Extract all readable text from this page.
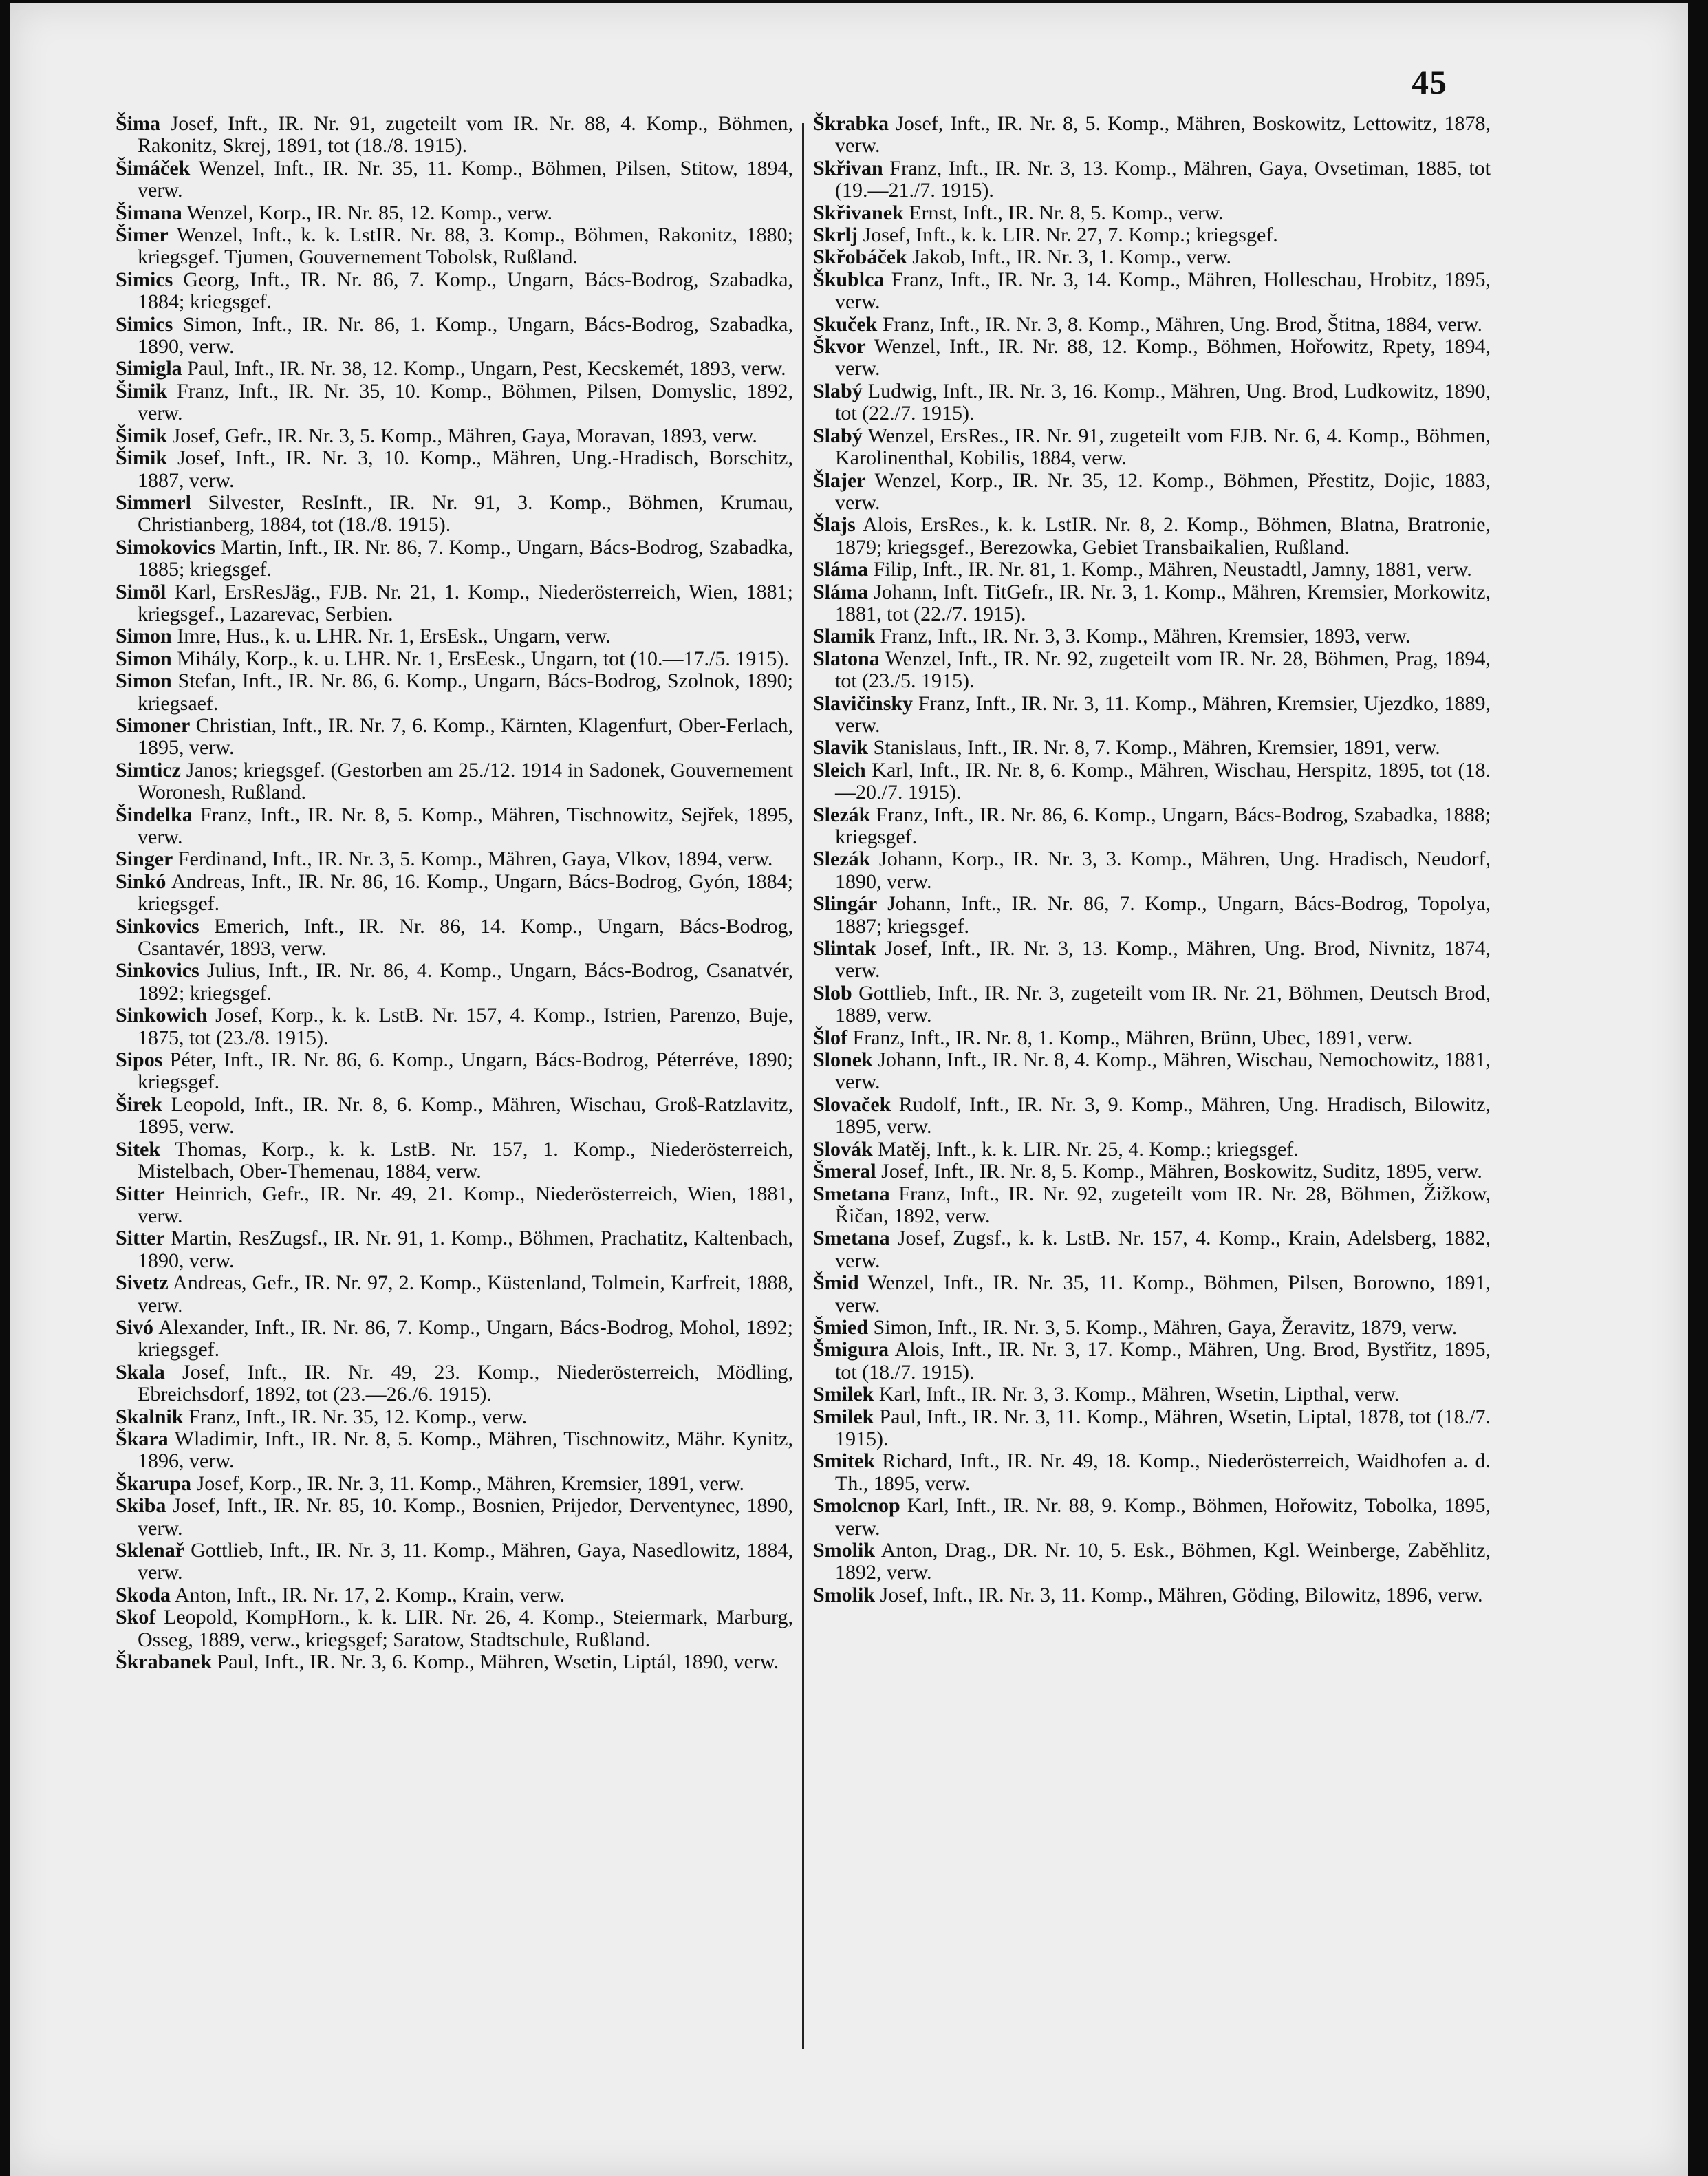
45

Šima Josef, Inft., IR. Nr. 91, zugeteilt vom IR. Nr. 88, 4. Komp., Böhmen, Rakonitz, Skrej, 1891, tot (18./8. 1915).

Šimáček Wenzel, Inft., IR. Nr. 35, 11. Komp., Böhmen, Pilsen, Stitow, 1894, verw.

Šimana Wenzel, Korp., IR. Nr. 85, 12. Komp., verw.

Šimer Wenzel, Inft., k. k. LstIR. Nr. 88, 3. Komp., Böhmen, Rakonitz, 1880; kriegsgef. Tjumen, Gouvernement Tobolsk, Rußland.

Simics Georg, Inft., IR. Nr. 86, 7. Komp., Ungarn, Bács-Bodrog, Szabadka, 1884; kriegsgef.

Simics Simon, Inft., IR. Nr. 86, 1. Komp., Ungarn, Bács-Bodrog, Szabadka, 1890, verw.

Simigla Paul, Inft., IR. Nr. 38, 12. Komp., Ungarn, Pest, Kecskemét, 1893, verw.

Šimik Franz, Inft., IR. Nr. 35, 10. Komp., Böhmen, Pilsen, Domyslic, 1892, verw.

Šimik Josef, Gefr., IR. Nr. 3, 5. Komp., Mähren, Gaya, Moravan, 1893, verw.

Šimik Josef, Inft., IR. Nr. 3, 10. Komp., Mähren, Ung.-Hradisch, Borschitz, 1887, verw.

Simmerl Silvester, ResInft., IR. Nr. 91, 3. Komp., Böhmen, Krumau, Christianberg, 1884, tot (18./8. 1915).

Simokovics Martin, Inft., IR. Nr. 86, 7. Komp., Ungarn, Bács-Bodrog, Szabadka, 1885; kriegsgef.

Simöl Karl, ErsResJäg., FJB. Nr. 21, 1. Komp., Niederösterreich, Wien, 1881; kriegsgef., Lazarevac, Serbien.

Simon Imre, Hus., k. u. LHR. Nr. 1, ErsEsk., Ungarn, verw.

Simon Mihály, Korp., k. u. LHR. Nr. 1, ErsEesk., Ungarn, tot (10.—17./5. 1915).

Simon Stefan, Inft., IR. Nr. 86, 6. Komp., Ungarn, Bács-Bodrog, Szolnok, 1890; kriegsaef.

Simoner Christian, Inft., IR. Nr. 7, 6. Komp., Kärnten, Klagenfurt, Ober-Ferlach, 1895, verw.

Simticz Janos; kriegsgef. (Gestorben am 25./12. 1914 in Sadonek, Gouvernement Woronesh, Rußland.

Šindelka Franz, Inft., IR. Nr. 8, 5. Komp., Mähren, Tischnowitz, Sejřek, 1895, verw.

Singer Ferdinand, Inft., IR. Nr. 3, 5. Komp., Mähren, Gaya, Vlkov, 1894, verw.

Sinkó Andreas, Inft., IR. Nr. 86, 16. Komp., Ungarn, Bács-Bodrog, Gyón, 1884; kriegsgef.

Sinkovics Emerich, Inft., IR. Nr. 86, 14. Komp., Ungarn, Bács-Bodrog, Csantavér, 1893, verw.

Sinkovics Julius, Inft., IR. Nr. 86, 4. Komp., Ungarn, Bács-Bodrog, Csanatvér, 1892; kriegsgef.

Sinkowich Josef, Korp., k. k. LstB. Nr. 157, 4. Komp., Istrien, Parenzo, Buje, 1875, tot (23./8. 1915).

Sipos Péter, Inft., IR. Nr. 86, 6. Komp., Ungarn, Bács-Bodrog, Péterréve, 1890; kriegsgef.

Širek Leopold, Inft., IR. Nr. 8, 6. Komp., Mähren, Wischau, Groß-Ratzlavitz, 1895, verw.

Sitek Thomas, Korp., k. k. LstB. Nr. 157, 1. Komp., Niederösterreich, Mistelbach, Ober-Themenau, 1884, verw.

Sitter Heinrich, Gefr., IR. Nr. 49, 21. Komp., Niederösterreich, Wien, 1881, verw.

Sitter Martin, ResZugsf., IR. Nr. 91, 1. Komp., Böhmen, Prachatitz, Kaltenbach, 1890, verw.

Sivetz Andreas, Gefr., IR. Nr. 97, 2. Komp., Küstenland, Tolmein, Karfreit, 1888, verw.

Sivó Alexander, Inft., IR. Nr. 86, 7. Komp., Ungarn, Bács-Bodrog, Mohol, 1892; kriegsgef.

Skala Josef, Inft., IR. Nr. 49, 23. Komp., Niederösterreich, Mödling, Ebreichsdorf, 1892, tot (23.—26./6. 1915).

Skalnik Franz, Inft., IR. Nr. 35, 12. Komp., verw.

Škara Wladimir, Inft., IR. Nr. 8, 5. Komp., Mähren, Tischnowitz, Mähr. Kynitz, 1896, verw.

Škarupa Josef, Korp., IR. Nr. 3, 11. Komp., Mähren, Kremsier, 1891, verw.

Skiba Josef, Inft., IR. Nr. 85, 10. Komp., Bosnien, Prijedor, Derventynec, 1890, verw.

Sklenař Gottlieb, Inft., IR. Nr. 3, 11. Komp., Mähren, Gaya, Nasedlowitz, 1884, verw.

Skoda Anton, Inft., IR. Nr. 17, 2. Komp., Krain, verw.

Skof Leopold, KompHorn., k. k. LIR. Nr. 26, 4. Komp., Steiermark, Marburg, Osseg, 1889, verw., kriegsgef; Saratow, Stadtschule, Rußland.

Škrabanek Paul, Inft., IR. Nr. 3, 6. Komp., Mähren, Wsetin, Liptál, 1890, verw.

Škrabka Josef, Inft., IR. Nr. 8, 5. Komp., Mähren, Boskowitz, Lettowitz, 1878, verw.

Skřivan Franz, Inft., IR. Nr. 3, 13. Komp., Mähren, Gaya, Ovsetiman, 1885, tot (19.—21./7. 1915).

Skřivanek Ernst, Inft., IR. Nr. 8, 5. Komp., verw.

Skrlj Josef, Inft., k. k. LIR. Nr. 27, 7. Komp.; kriegsgef.

Skřobáček Jakob, Inft., IR. Nr. 3, 1. Komp., verw.

Škublca Franz, Inft., IR. Nr. 3, 14. Komp., Mähren, Holleschau, Hrobitz, 1895, verw.

Skuček Franz, Inft., IR. Nr. 3, 8. Komp., Mähren, Ung. Brod, Štitna, 1884, verw.

Škvor Wenzel, Inft., IR. Nr. 88, 12. Komp., Böhmen, Hořowitz, Rpety, 1894, verw.

Slabý Ludwig, Inft., IR. Nr. 3, 16. Komp., Mähren, Ung. Brod, Ludkowitz, 1890, tot (22./7. 1915).

Slabý Wenzel, ErsRes., IR. Nr. 91, zugeteilt vom FJB. Nr. 6, 4. Komp., Böhmen, Karolinenthal, Kobilis, 1884, verw.

Šlajer Wenzel, Korp., IR. Nr. 35, 12. Komp., Böhmen, Přestitz, Dojic, 1883, verw.

Šlajs Alois, ErsRes., k. k. LstIR. Nr. 8, 2. Komp., Böhmen, Blatna, Bratronie, 1879; kriegsgef., Berezowka, Gebiet Transbaikalien, Rußland.

Sláma Filip, Inft., IR. Nr. 81, 1. Komp., Mähren, Neustadtl, Jamny, 1881, verw.

Sláma Johann, Inft. TitGefr., IR. Nr. 3, 1. Komp., Mähren, Kremsier, Morkowitz, 1881, tot (22./7. 1915).

Slamik Franz, Inft., IR. Nr. 3, 3. Komp., Mähren, Kremsier, 1893, verw.

Slatona Wenzel, Inft., IR. Nr. 92, zugeteilt vom IR. Nr. 28, Böhmen, Prag, 1894, tot (23./5. 1915).

Slavičinsky Franz, Inft., IR. Nr. 3, 11. Komp., Mähren, Kremsier, Ujezdko, 1889, verw.

Slavik Stanislaus, Inft., IR. Nr. 8, 7. Komp., Mähren, Kremsier, 1891, verw.

Sleich Karl, Inft., IR. Nr. 8, 6. Komp., Mähren, Wischau, Herspitz, 1895, tot (18.—20./7. 1915).

Slezák Franz, Inft., IR. Nr. 86, 6. Komp., Ungarn, Bács-Bodrog, Szabadka, 1888; kriegsgef.

Slezák Johann, Korp., IR. Nr. 3, 3. Komp., Mähren, Ung. Hradisch, Neudorf, 1890, verw.

Slingár Johann, Inft., IR. Nr. 86, 7. Komp., Ungarn, Bács-Bodrog, Topolya, 1887; kriegsgef.

Slintak Josef, Inft., IR. Nr. 3, 13. Komp., Mähren, Ung. Brod, Nivnitz, 1874, verw.

Slob Gottlieb, Inft., IR. Nr. 3, zugeteilt vom IR. Nr. 21, Böhmen, Deutsch Brod, 1889, verw.

Šlof Franz, Inft., IR. Nr. 8, 1. Komp., Mähren, Brünn, Ubec, 1891, verw.

Slonek Johann, Inft., IR. Nr. 8, 4. Komp., Mähren, Wischau, Nemochowitz, 1881, verw.

Slovaček Rudolf, Inft., IR. Nr. 3, 9. Komp., Mähren, Ung. Hradisch, Bilowitz, 1895, verw.

Slovák Matěj, Inft., k. k. LIR. Nr. 25, 4. Komp.; kriegsgef.

Šmeral Josef, Inft., IR. Nr. 8, 5. Komp., Mähren, Boskowitz, Suditz, 1895, verw.

Smetana Franz, Inft., IR. Nr. 92, zugeteilt vom IR. Nr. 28, Böhmen, Žižkow, Řičan, 1892, verw.

Smetana Josef, Zugsf., k. k. LstB. Nr. 157, 4. Komp., Krain, Adelsberg, 1882, verw.

Šmid Wenzel, Inft., IR. Nr. 35, 11. Komp., Böhmen, Pilsen, Borowno, 1891, verw.

Šmied Simon, Inft., IR. Nr. 3, 5. Komp., Mähren, Gaya, Žeravitz, 1879, verw.

Šmigura Alois, Inft., IR. Nr. 3, 17. Komp., Mähren, Ung. Brod, Bystřitz, 1895, tot (18./7. 1915).

Smilek Karl, Inft., IR. Nr. 3, 3. Komp., Mähren, Wsetin, Lipthal, verw.

Smilek Paul, Inft., IR. Nr. 3, 11. Komp., Mähren, Wsetin, Liptal, 1878, tot (18./7. 1915).

Smitek Richard, Inft., IR. Nr. 49, 18. Komp., Niederösterreich, Waidhofen a. d. Th., 1895, verw.

Smolcnop Karl, Inft., IR. Nr. 88, 9. Komp., Böhmen, Hořowitz, Tobolka, 1895, verw.

Smolik Anton, Drag., DR. Nr. 10, 5. Esk., Böhmen, Kgl. Weinberge, Zaběhlitz, 1892, verw.

Smolik Josef, Inft., IR. Nr. 3, 11. Komp., Mähren, Göding, Bilowitz, 1896, verw.
